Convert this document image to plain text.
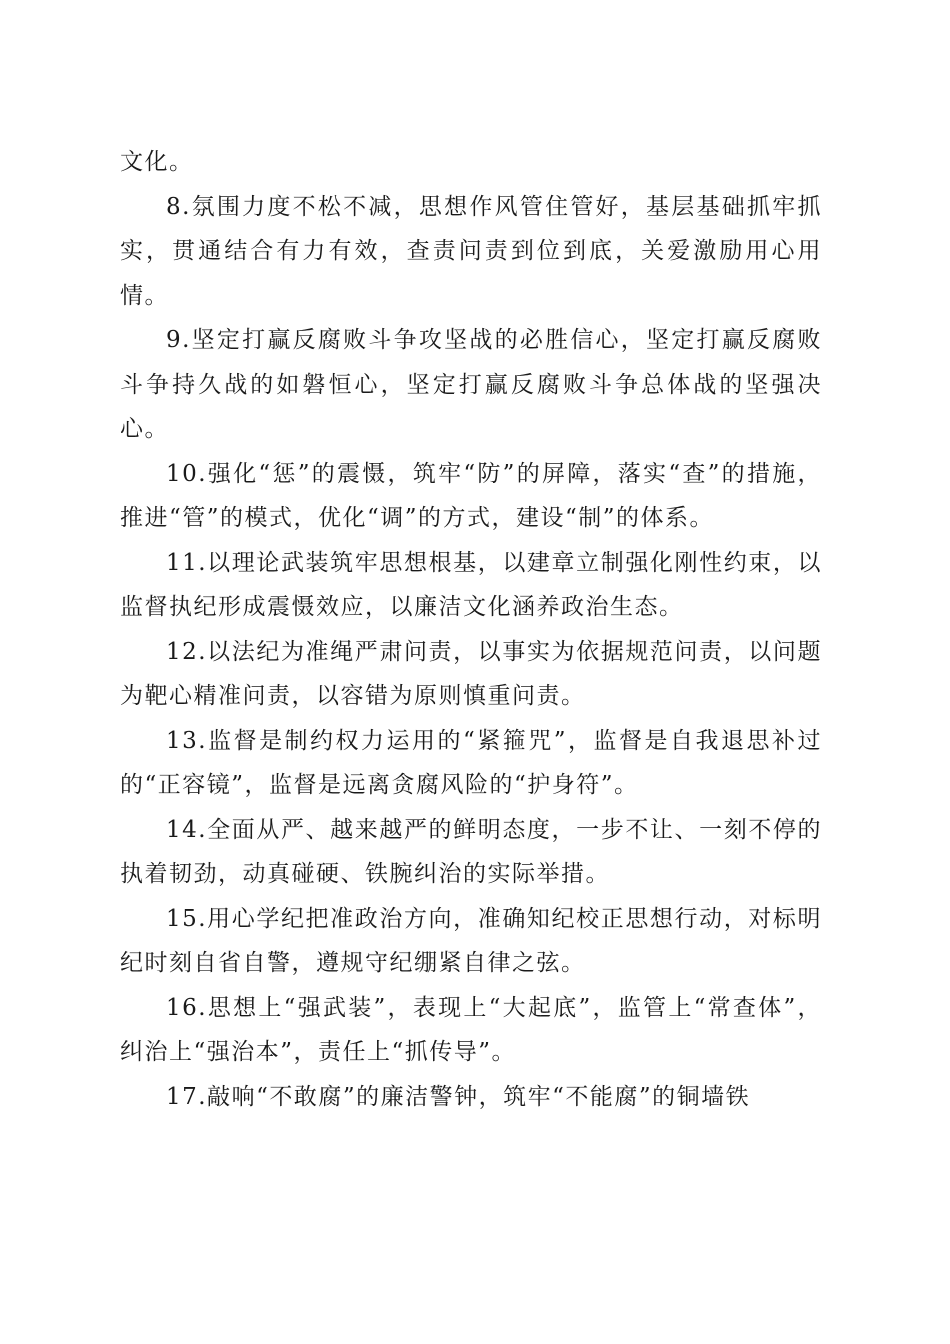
文化。

8.氛围力度不松不减，思想作风管住管好，基层基础抓牢抓实，贯通结合有力有效，查责问责到位到底，关爱激励用心用情。

9.坚定打赢反腐败斗争攻坚战的必胜信心，坚定打赢反腐败斗争持久战的如磐恒心，坚定打赢反腐败斗争总体战的坚强决心。

10.强化“惩”的震慑，筑牢“防”的屏障，落实“查”的措施，推进“管”的模式，优化“调”的方式，建设“制”的体系。

11.以理论武装筑牢思想根基，以建章立制强化刚性约束，以监督执纪形成震慑效应，以廉洁文化涵养政治生态。

12.以法纪为准绳严肃问责，以事实为依据规范问责，以问题为靶心精准问责，以容错为原则慎重问责。

13.监督是制约权力运用的“紧箍咒”，监督是自我退思补过的“正容镜”，监督是远离贪腐风险的“护身符”。

14.全面从严、越来越严的鲜明态度，一步不让、一刻不停的执着韧劲，动真碰硬、铁腕纠治的实际举措。

15.用心学纪把准政治方向，准确知纪校正思想行动，对标明纪时刻自省自警，遵规守纪绷紧自律之弦。

16.思想上“强武装”，表现上“大起底”，监管上“常查体”，纠治上“强治本”，责任上“抓传导”。

17.敲响“不敢腐”的廉洁警钟，筑牢“不能腐”的铜墙铁
